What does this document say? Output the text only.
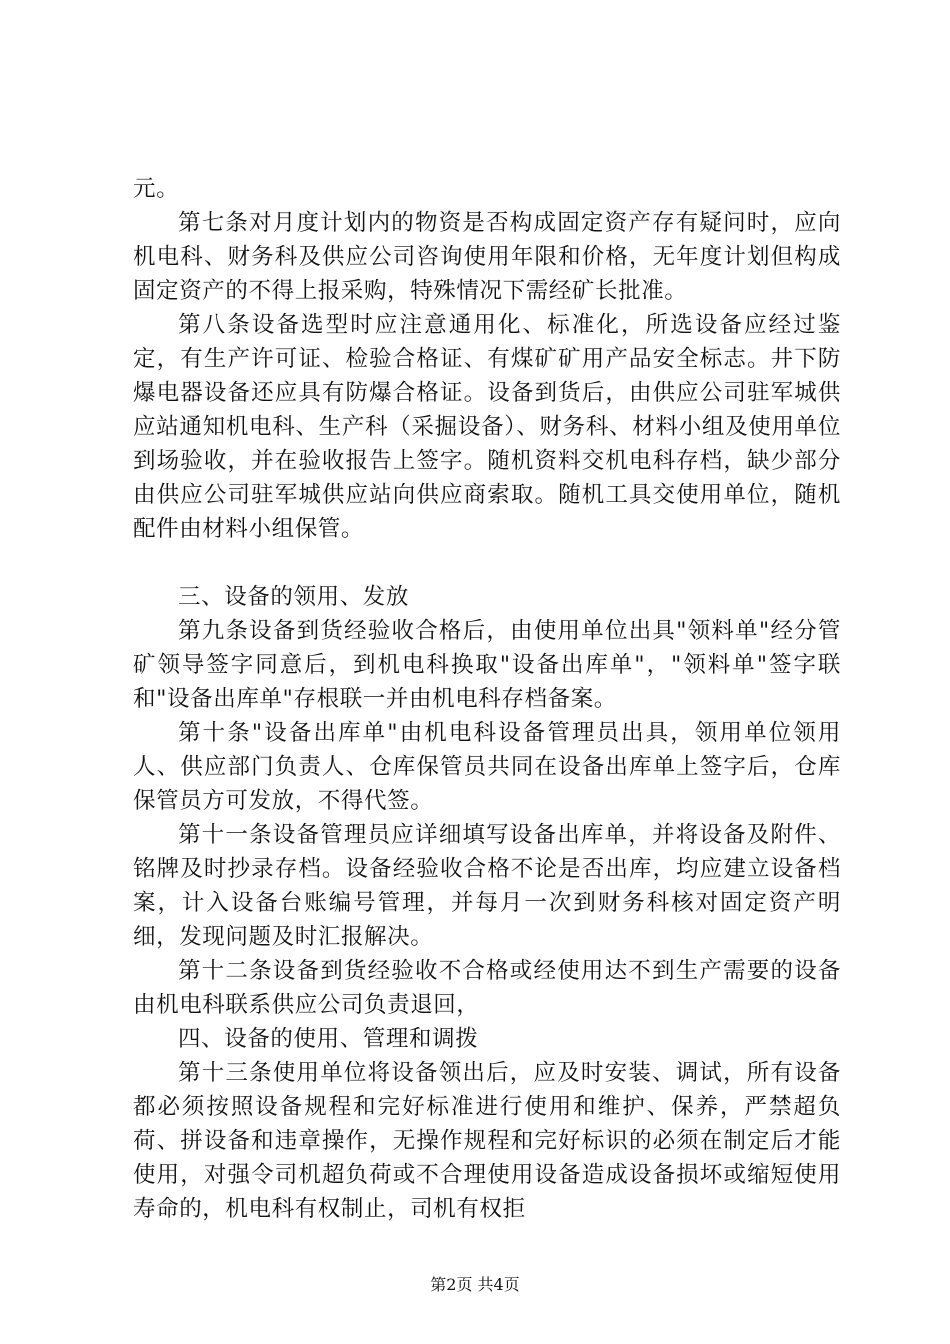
元。

第七条对月度计划内的物资是否构成固定资产存有疑问时，应向机电科、财务科及供应公司咨询使用年限和价格，无年度计划但构成固定资产的不得上报采购，特殊情况下需经矿长批准。

第八条设备选型时应注意通用化、标准化，所选设备应经过鉴定，有生产许可证、检验合格证、有煤矿矿用产品安全标志。井下防爆电器设备还应具有防爆合格证。设备到货后，由供应公司驻军城供应站通知机电科、生产科（采掘设备）、财务科、材料小组及使用单位到场验收，并在验收报告上签字。随机资料交机电科存档，缺少部分由供应公司驻军城供应站向供应商索取。随机工具交使用单位，随机配件由材料小组保管。

三、设备的领用、发放

第九条设备到货经验收合格后，由使用单位出具"领料单"经分管矿领导签字同意后，到机电科换取"设备出库单"，"领料单"签字联和"设备出库单"存根联一并由机电科存档备案。

第十条"设备出库单"由机电科设备管理员出具，领用单位领用人、供应部门负责人、仓库保管员共同在设备出库单上签字后，仓库保管员方可发放，不得代签。

第十一条设备管理员应详细填写设备出库单，并将设备及附件、铭牌及时抄录存档。设备经验收合格不论是否出库，均应建立设备档案，计入设备台账编号管理，并每月一次到财务科核对固定资产明细，发现问题及时汇报解决。

第十二条设备到货经验收不合格或经使用达不到生产需要的设备由机电科联系供应公司负责退回，

四、设备的使用、管理和调拨

第十三条使用单位将设备领出后，应及时安装、调试，所有设备都必须按照设备规程和完好标准进行使用和维护、保养，严禁超负荷、拼设备和违章操作，无操作规程和完好标识的必须在制定后才能使用，对强令司机超负荷或不合理使用设备造成设备损坏或缩短使用寿命的，机电科有权制止，司机有权拒

第2页 共4页
